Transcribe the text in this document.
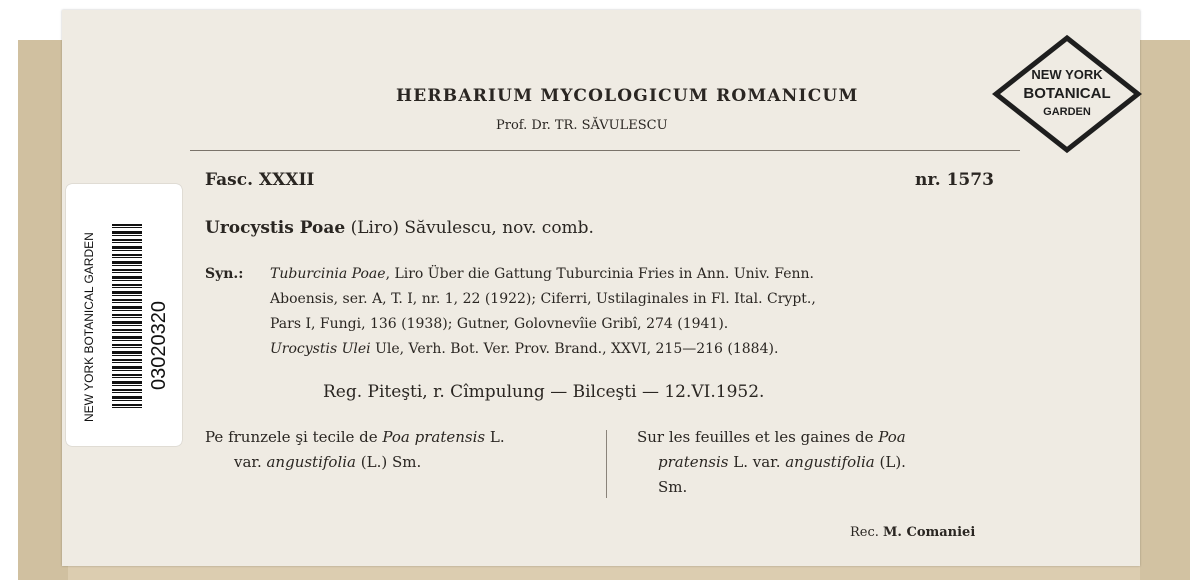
HERBARIUM MYCOLOGICUM ROMANICUM
Prof. Dr. TR. SĂVULESCU
Fasc. XXXII	nr. 1573
Urocystis Poae (Liro) Săvulescu, nov. comb.
Syn.: Tuburcinia Poae, Liro Über die Gattung Tuburcinia Fries in Ann. Univ. Fenn.
Aboensis, ser. A, T. I, nr. 1, 22 (1922); Ciferri, Ustilaginales in Fl. Ital. Crypt.,
Pars I, Fungi, 136 (1938); Gutner, Golovnevîie Gribî, 274 (1941).
Urocystis Ulei Ule, Verh. Bot. Ver. Prov. Brand., XXVI, 215—216 (1884).
Reg. Piteşti, r. Cîmpulung — Bilceşti — 12.VI.1952.
Pe frunzele şi tecile de Poa pratensis L.
var. angustifolia (L.) Sm.
Sur les feuilles et les gaines de Poa
pratensis L. var. angustifolia (L).
Sm.
Rec. M. Comaniei
NEW YORK BOTANICAL GARDEN	03020320
NEW YORK
BOTANICAL
GARDEN
